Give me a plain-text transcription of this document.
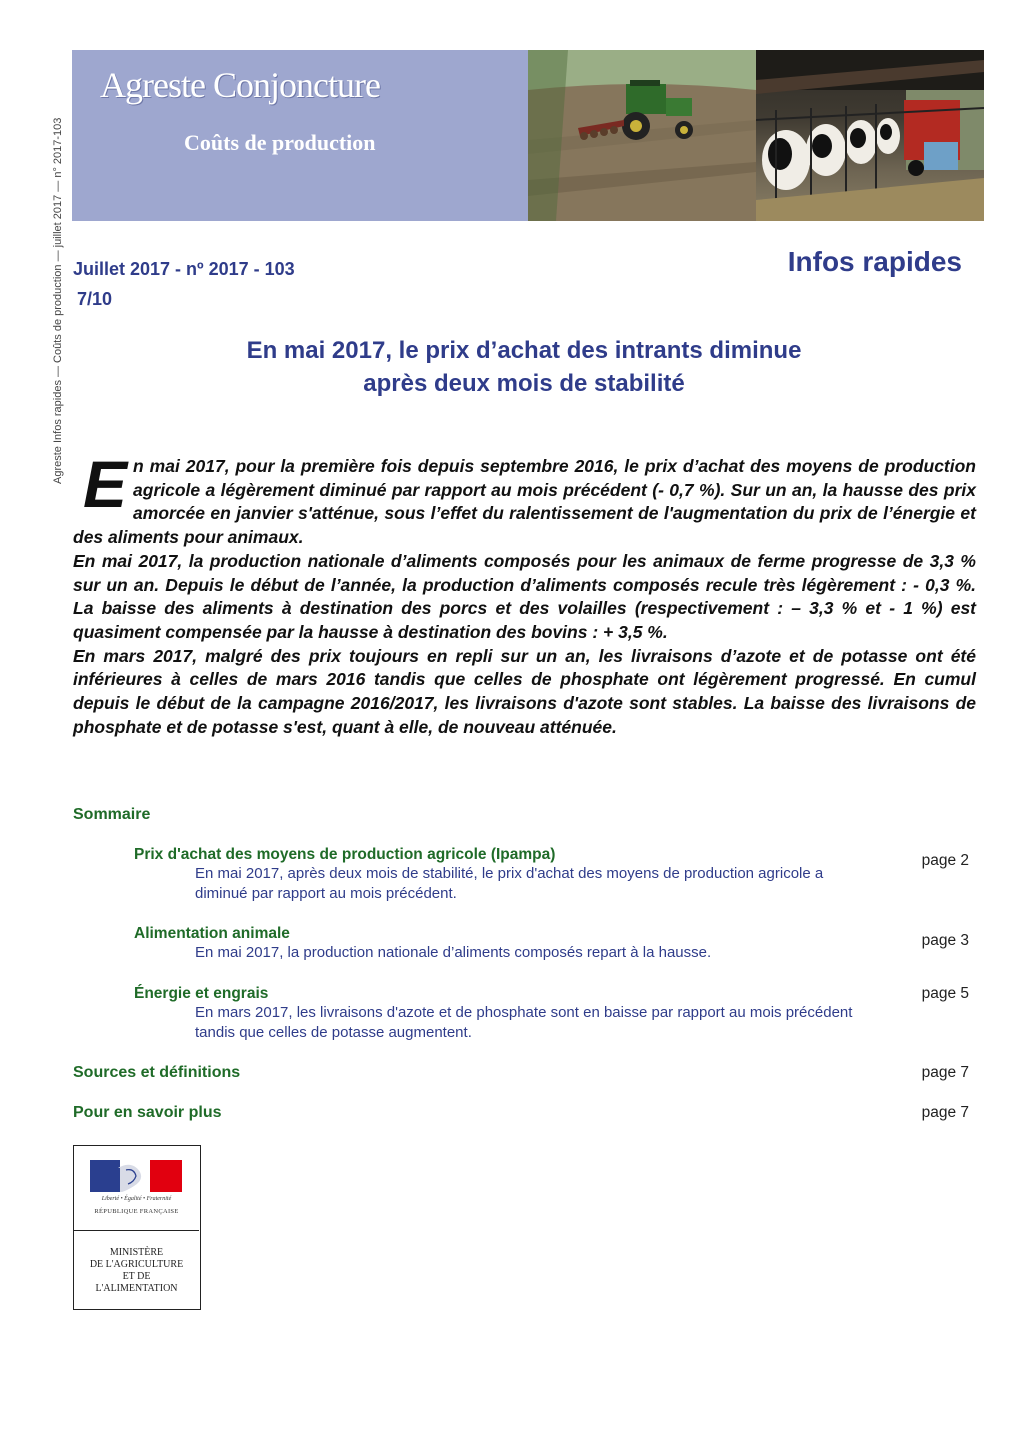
Agreste Infos rapides — Coûts de production — juillet 2017 — n° 2017-103
Agreste Conjoncture
Coûts de production
Juillet 2017 - nº 2017 - 103
7/10
Infos rapides
En mai 2017, le prix d’achat des intrants diminue
après deux mois de stabilité

En mai 2017, pour la première fois depuis septembre 2016, le prix d’achat des moyens de production agricole a légèrement diminué par rapport au mois précédent (- 0,7 %). Sur un an, la hausse des prix amorcée en janvier s'atténue, sous l’effet du ralentissement de l'augmentation du prix de l’énergie et des aliments pour animaux.

En mai 2017, la production nationale d’aliments composés pour les animaux de ferme progresse de 3,3 % sur un an. Depuis le début de l’année, la production d’aliments composés recule très légèrement : - 0,3 %. La baisse des aliments à destination des porcs et des volailles (respectivement : – 3,3 % et - 1 %) est quasiment compensée par la hausse à destination des bovins : + 3,5 %.

En mars 2017, malgré des prix toujours en repli sur un an, les livraisons d’azote et de potasse ont été inférieures à celles de mars 2016 tandis que celles de phosphate ont légèrement progressé. En cumul depuis le début de la campagne 2016/2017, les livraisons d'azote sont stables. La baisse des livraisons de phosphate et de potasse s'est, quant à elle, de nouveau atténuée.

Sommaire
Prix d'achat des moyens de production agricole (Ipampa)
En mai 2017, après deux mois de stabilité, le prix d'achat des moyens de production agricole a diminué par rapport au mois précédent.
page 2
Alimentation animale
En mai 2017, la production nationale d’aliments composés repart à la hausse.
page 3
Énergie et engrais
En mars 2017, les livraisons d'azote et de phosphate sont en baisse par rapport au mois précédent tandis que celles de potasse augmentent.
page 5
Sources et définitions	page 7
Pour en savoir plus	page 7
Liberté • Égalité • Fraternité
RÉPUBLIQUE FRANÇAISE
MINISTÈRE
DE L'AGRICULTURE
ET DE
L'ALIMENTATION
